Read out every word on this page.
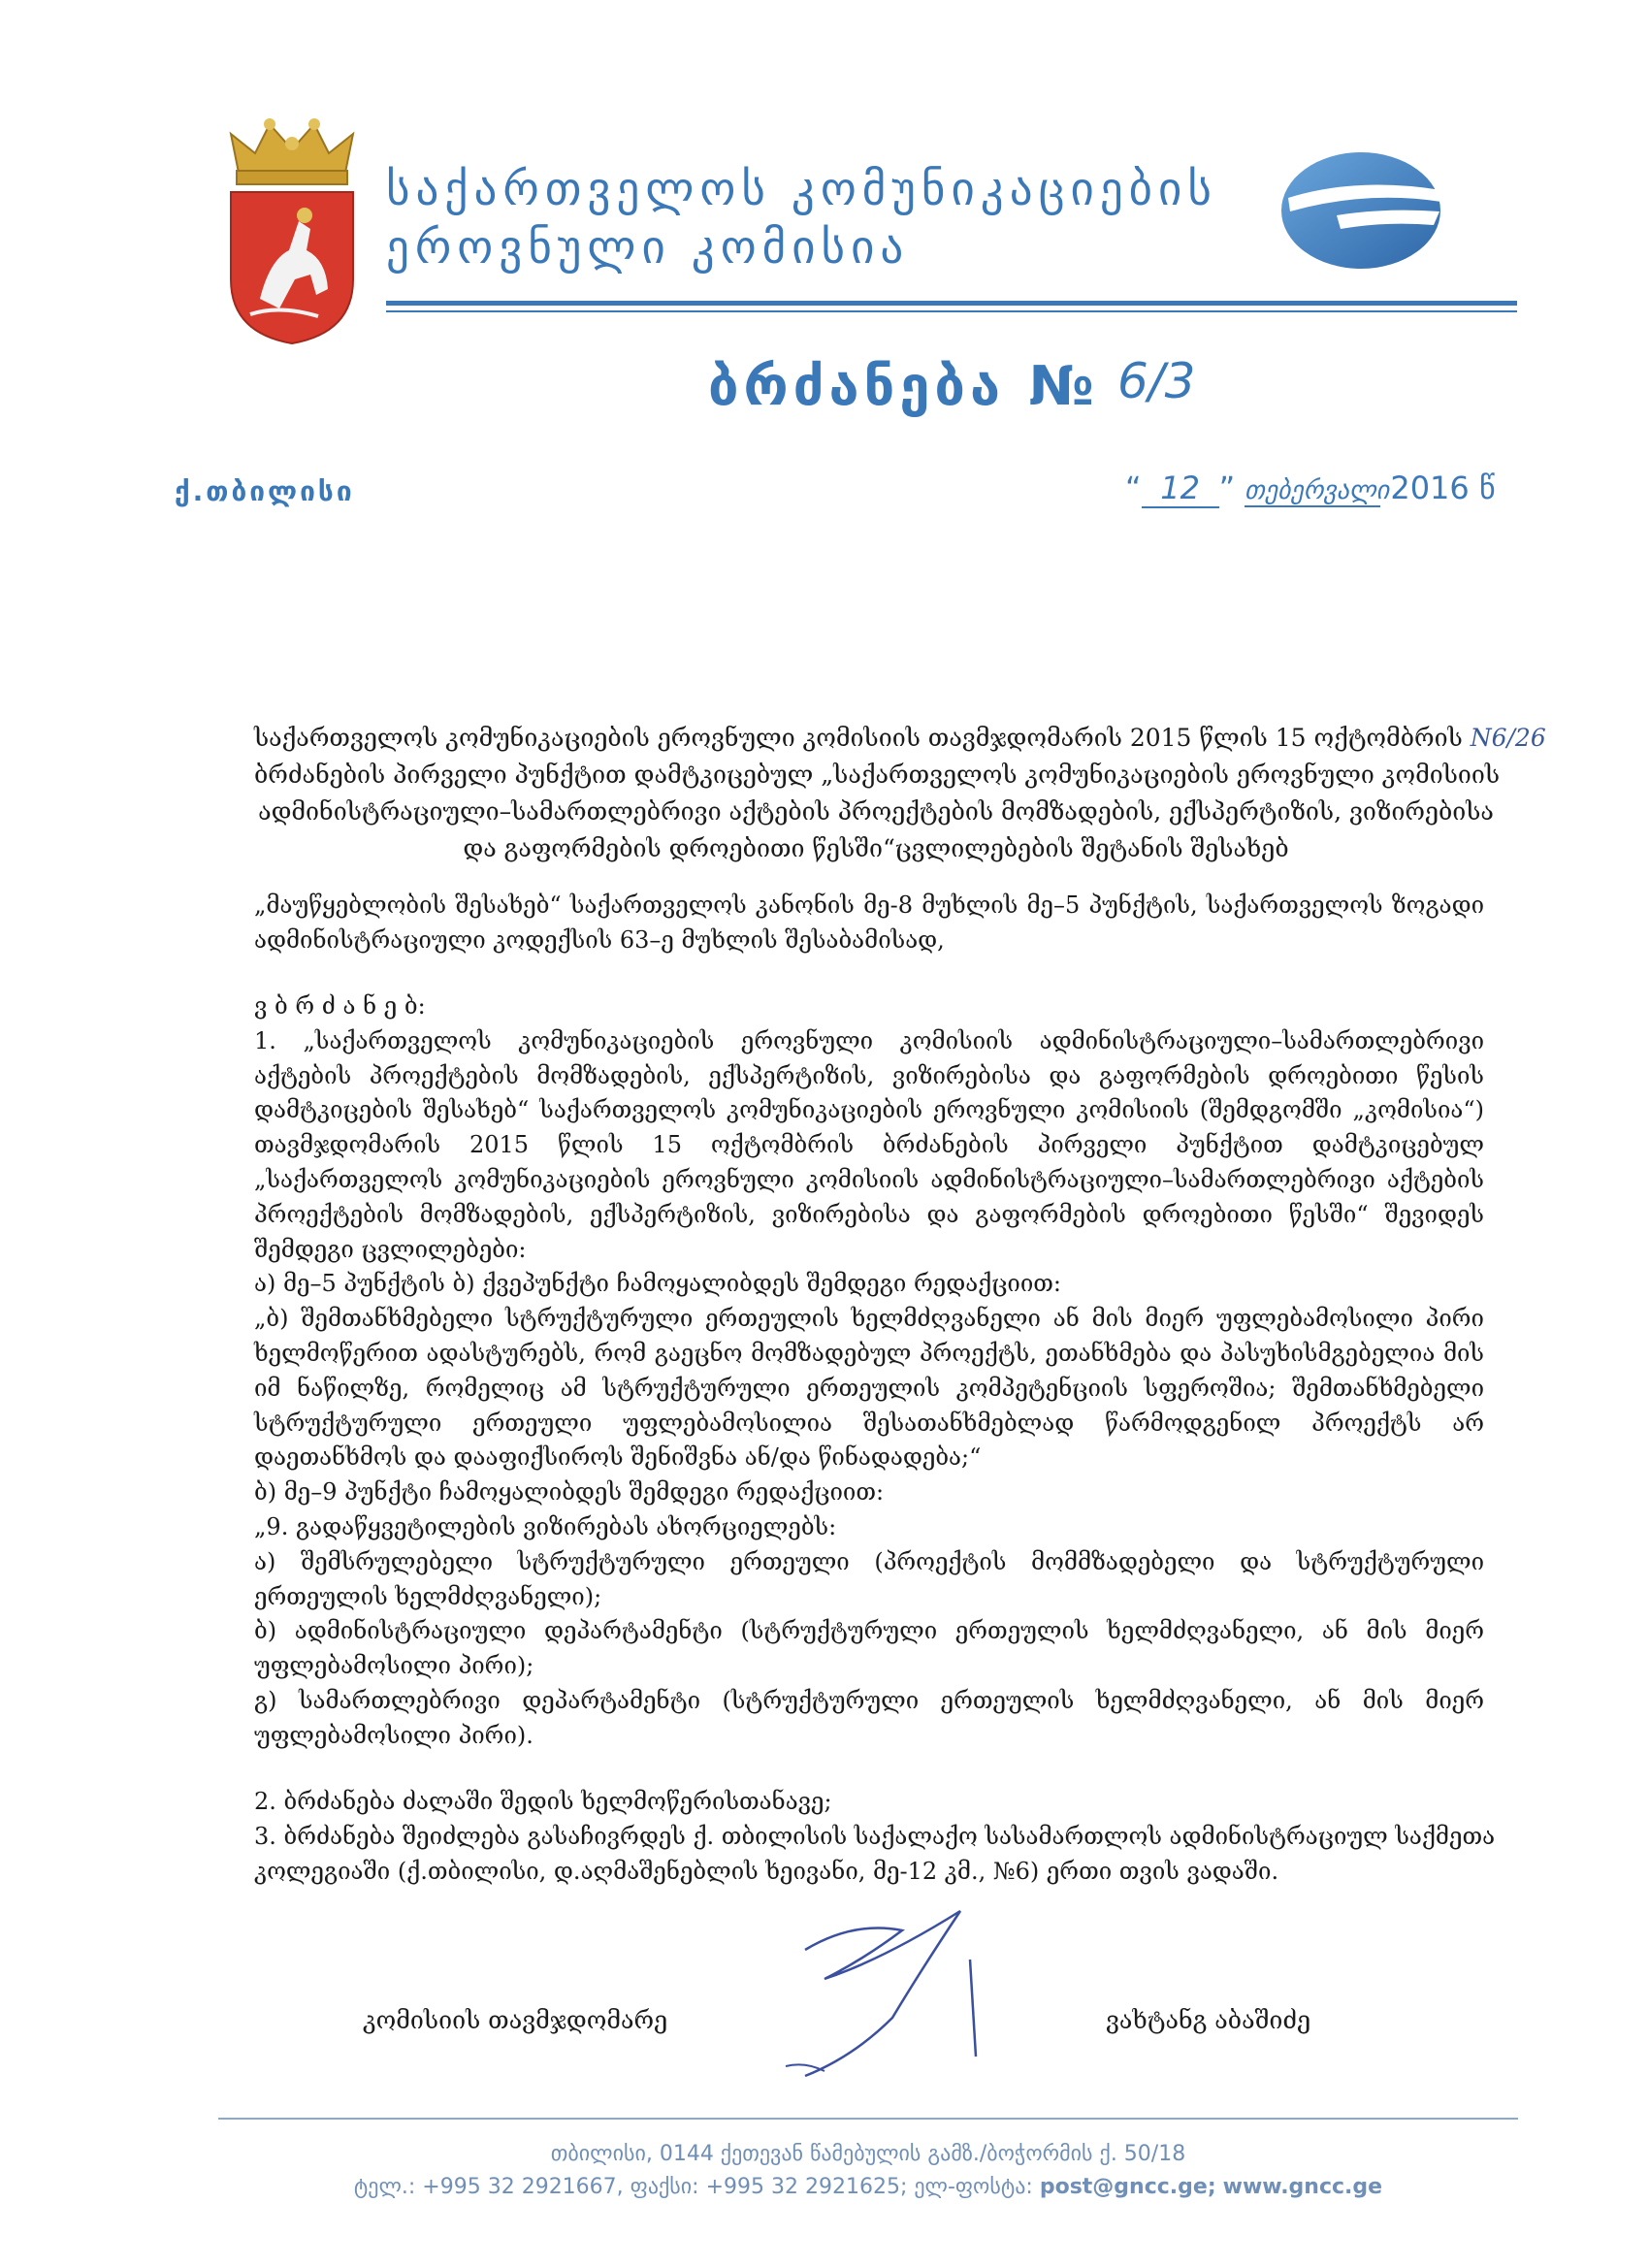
საქართველოს კომუნიკაციების
ეროვნული კომისია
ბრძანება № 6/3
ქ.თბილისი	“ 12 ” თებერვალი 2016 წ
საქართველოს კომუნიკაციების ეროვნული კომისიის თავმჯდომარის 2015 წლის 15 ოქტომბრის N6/26
ბრძანების პირველი პუნქტით დამტკიცებულ „საქართველოს კომუნიკაციების ეროვნული კომისიის
ადმინისტრაციული–სამართლებრივი აქტების პროექტების მომზადების, ექსპერტიზის, ვიზირებისა
და გაფორმების დროებითი წესში“ცვლილებების შეტანის შესახებ
„მაუწყებლობის შესახებ“ საქართველოს კანონის მე-8 მუხლის მე–5 პუნქტის, საქართველოს ზოგადი
ადმინისტრაციული კოდექსის 63–ე მუხლის შესაბამისად,
ვ ბ რ ძ ა ნ ე ბ:
1. „საქართველოს კომუნიკაციების ეროვნული კომისიის ადმინისტრაციული–სამართლებრივი
აქტების პროექტების მომზადების, ექსპერტიზის, ვიზირებისა და გაფორმების დროებითი წესის
დამტკიცების შესახებ“ საქართველოს კომუნიკაციების ეროვნული კომისიის (შემდგომში „კომისია“)
თავმჯდომარის 2015 წლის 15 ოქტომბრის ბრძანების პირველი პუნქტით დამტკიცებულ
„საქართველოს კომუნიკაციების ეროვნული კომისიის ადმინისტრაციული–სამართლებრივი აქტების
პროექტების მომზადების, ექსპერტიზის, ვიზირებისა და გაფორმების დროებითი წესში“ შევიდეს
შემდეგი ცვლილებები:
ა) მე–5 პუნქტის ბ) ქვეპუნქტი ჩამოყალიბდეს შემდეგი რედაქციით:
„ბ) შემთანხმებელი სტრუქტურული ერთეულის ხელმძღვანელი ან მის მიერ უფლებამოსილი პირი
ხელმოწერით ადასტურებს, რომ გაეცნო მომზადებულ პროექტს, ეთანხმება და პასუხისმგებელია მის
იმ ნაწილზე, რომელიც ამ სტრუქტურული ერთეულის კომპეტენციის სფეროშია; შემთანხმებელი
სტრუქტურული ერთეული უფლებამოსილია შესათანხმებლად წარმოდგენილ პროექტს არ
დაეთანხმოს და დააფიქსიროს შენიშვნა ან/და წინადადება;“
ბ) მე–9 პუნქტი ჩამოყალიბდეს შემდეგი რედაქციით:
„9. გადაწყვეტილების ვიზირებას ახორციელებს:
ა) შემსრულებელი სტრუქტურული ერთეული (პროექტის მომმზადებელი და სტრუქტურული
ერთეულის ხელმძღვანელი);
ბ) ადმინისტრაციული დეპარტამენტი (სტრუქტურული ერთეულის ხელმძღვანელი, ან მის მიერ
უფლებამოსილი პირი);
გ) სამართლებრივი დეპარტამენტი (სტრუქტურული ერთეულის ხელმძღვანელი, ან მის მიერ
უფლებამოსილი პირი).
2. ბრძანება ძალაში შედის ხელმოწერისთანავე;
3. ბრძანება შეიძლება გასაჩივრდეს ქ. თბილისის საქალაქო სასამართლოს ადმინისტრაციულ საქმეთა
კოლეგიაში (ქ.თბილისი, დ.აღმაშენებლის ხეივანი, მე-12 კმ., №6) ერთი თვის ვადაში.
კომისიის თავმჯდომარე	ვახტანგ აბაშიძე
თბილისი, 0144 ქეთევან წამებულის გამზ./ბოჭორმის ქ. 50/18
ტელ.: +995 32 2921667, ფაქსი: +995 32 2921625; ელ-ფოსტა: post@gncc.ge; www.gncc.ge
